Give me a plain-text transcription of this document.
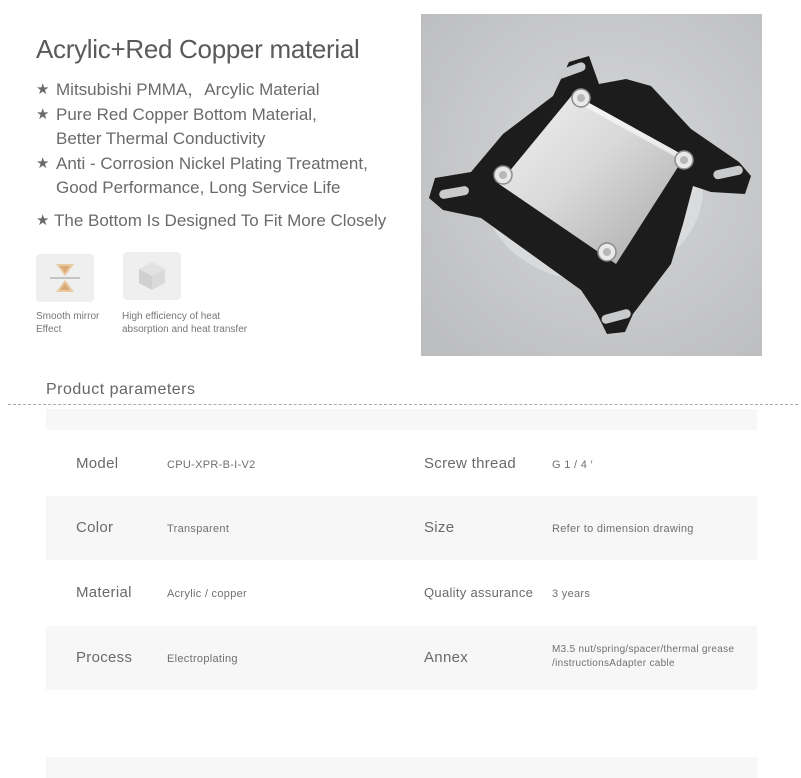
Acrylic+Red Copper material
★ Mitsubishi PMMA，Arcylic Material
★ Pure Red Copper Bottom Material,
Better Thermal Conductivity
★ Anti - Corrosion Nickel Plating Treatment,
Good Performance, Long Service Life
★ The Bottom Is Designed To Fit More Closely
Smooth mirror
Effect
High efficiency of heat
absorption and heat transfer
Product parameters
Model	CPU-XPR-B-I-V2	Screw thread	G 1 / 4 ′
Color	Transparent	Size	Refer to dimension drawing
Material	Acrylic / copper	Quality assurance 3 years
Process	Electroplating	Annex	M3.5 nut/spring/spacer/thermal grease
/instructionsAdapter cable
